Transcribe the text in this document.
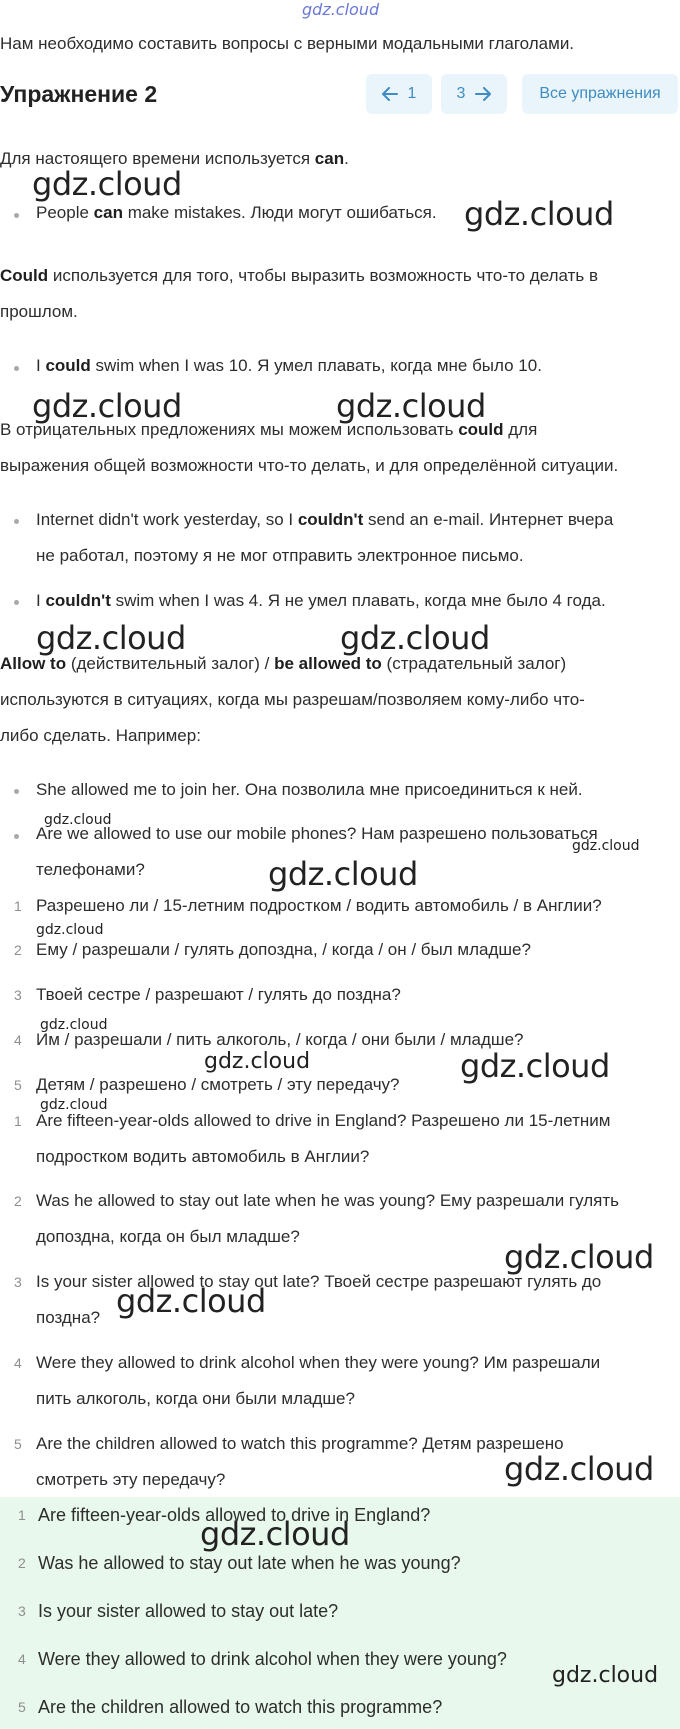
gdz.cloud

Нам необходимо составить вопросы с верными модальными глаголами.

Упражнение 2	1	3	Все упражнения

Для настоящего времени используется can.

People can make mistakes. Люди могут ошибаться.

Could используется для того, чтобы выразить возможность что-то делать в

прошлом.

I could swim when I was 10. Я умел плавать, когда мне было 10.

В отрицательных предложениях мы можем использовать could для

выражения общей возможности что-то делать, и для определённой ситуации.

Internet didn't work yesterday, so I couldn't send an e-mail. Интернет вчера

не работал, поэтому я не мог отправить электронное письмо.

I couldn't swim when I was 4. Я не умел плавать, когда мне было 4 года.

Allow to (действительный залог) / be allowed to (страдательный залог)

используются в ситуациях, когда мы разрешам/позволяем кому-либо что-

либо сделать. Например:

She allowed me to join her. Она позволила мне присоединиться к ней.

Are we allowed to use our mobile phones? Нам разрешено пользоваться

телефонами?

1 Разрешено ли / 15-летним подростком / водить автомобиль / в Англии?

2 Ему / разрешали / гулять допоздна, / когда / он / был младше?

3 Твоей сестре / разрешают / гулять до поздна?

4 Им / разрешали / пить алкоголь, / когда / они были / младше?

5 Детям / разрешено / смотреть / эту передачу?

1 Are fifteen-year-olds allowed to drive in England? Разрешено ли 15-летним

подростком водить автомобиль в Англии?

2 Was he allowed to stay out late when he was young? Ему разрешали гулять

допоздна, когда он был младше?

3 Is your sister allowed to stay out late? Твоей сестре разрешают гулять до

поздна?

4 Were they allowed to drink alcohol when they were young? Им разрешали

пить алкоголь, когда они были младше?

5 Are the children allowed to watch this programme? Детям разрешено

смотреть эту передачу?

1 Are fifteen-year-olds allowed to drive in England?

2 Was he allowed to stay out late when he was young?

3 Is your sister allowed to stay out late?

4 Were they allowed to drink alcohol when they were young?

5 Are the children allowed to watch this programme?

gdz.cloud
gdz.cloud
gdz.cloud	gdz.cloud
gdz.cloud	gdz.cloud
gdz.cloud
gdz.cloud
gdz.cloud
gdz.cloud
gdz.cloud
gdz.cloud	gdz.cloud
gdz.cloud
gdz.cloud
gdz.cloud
gdz.cloud
gdz.cloud
gdz.cloud
